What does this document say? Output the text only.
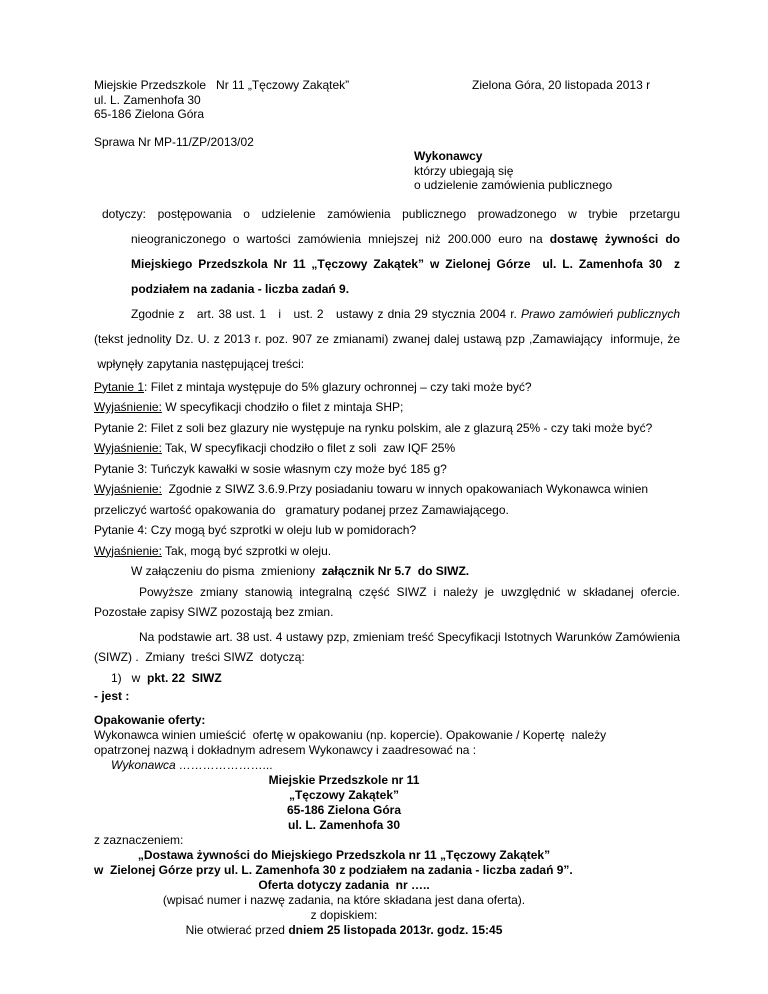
Miejskie Przedszkole   Nr 11 „Tęczowy Zakątek”
ul. L. Zamenhofa 30
65-186 Zielona Góra
Zielona Góra, 20 listopada 2013 r
Sprawa Nr MP-11/ZP/2013/02
Wykonawcy
którzy ubiegają się
o udzielenie zamówienia publicznego

dotyczy: postępowania o udzielenie zamówienia publicznego prowadzonego w trybie przetargu nieograniczonego o wartości zamówienia mniejszej niż 200.000 euro na dostawę żywności do Miejskiego Przedszkola Nr 11 „Tęczowy Zakątek” w Zielonej Górze  ul. L. Zamenhofa 30  z podziałem na zadania - liczba zadań 9.

Zgodnie z   art. 38 ust. 1   i   ust. 2   ustawy z dnia 29 stycznia 2004 r. Prawo zamówień publicznych (tekst jednolity Dz. U. z 2013 r. poz. 907 ze zmianami) zwanej dalej ustawą pzp ,Zamawiający  informuje, że  wpłynęły zapytania następującej treści:

Pytanie 1: Filet z mintaja występuje do 5% glazury ochronnej – czy taki może być?

Wyjaśnienie: W specyfikacji chodziło o filet z mintaja SHP;

Pytanie 2: Filet z soli bez glazury nie występuje na rynku polskim, ale z glazurą 25% - czy taki może być?

Wyjaśnienie: Tak, W specyfikacji chodziło o filet z soli  zaw IQF 25%

Pytanie 3: Tuńczyk kawałki w sosie własnym czy może być 185 g?

Wyjaśnienie:  Zgodnie z SIWZ 3.6.9.Przy posiadaniu towaru w innych opakowaniach Wykonawca winien przeliczyć wartość opakowania do   gramatury podanej przez Zamawiającego.

Pytanie 4: Czy mogą być szprotki w oleju lub w pomidorach?

Wyjaśnienie: Tak, mogą być szprotki w oleju.

W załączeniu do pisma  zmieniony  załącznik Nr 5.7  do SIWZ.

Powyższe zmiany stanowią integralną część SIWZ i należy je uwzględnić w składanej ofercie. Pozostałe zapisy SIWZ pozostają bez zmian.

Na podstawie art. 38 ust. 4 ustawy pzp, zmieniam treść Specyfikacji Istotnych Warunków Zamówienia (SIWZ) .  Zmiany  treści SIWZ  dotyczą:

1)   w  pkt. 22  SIWZ

- jest :

Opakowanie oferty:

Wykonawca winien umieścić  ofertę w opakowaniu (np. kopercie). Opakowanie / Kopertę  należy

opatrzonej nazwą i dokładnym adresem Wykonawcy i zaadresować na :

Wykonawca …………………...

Miejskie Przedszkole nr 11

„Tęczowy Zakątek”

65-186 Zielona Góra

ul. L. Zamenhofa 30

z zaznaczeniem:

„Dostawa żywności do Miejskiego Przedszkola nr 11 „Tęczowy Zakątek”

w  Zielonej Górze przy ul. L. Zamenhofa 30 z podziałem na zadania - liczba zadań 9”.

Oferta dotyczy zadania  nr …..

(wpisać numer i nazwę zadania, na które składana jest dana oferta).

z dopiskiem:

Nie otwierać przed dniem 25 listopada 2013r. godz. 15:45
